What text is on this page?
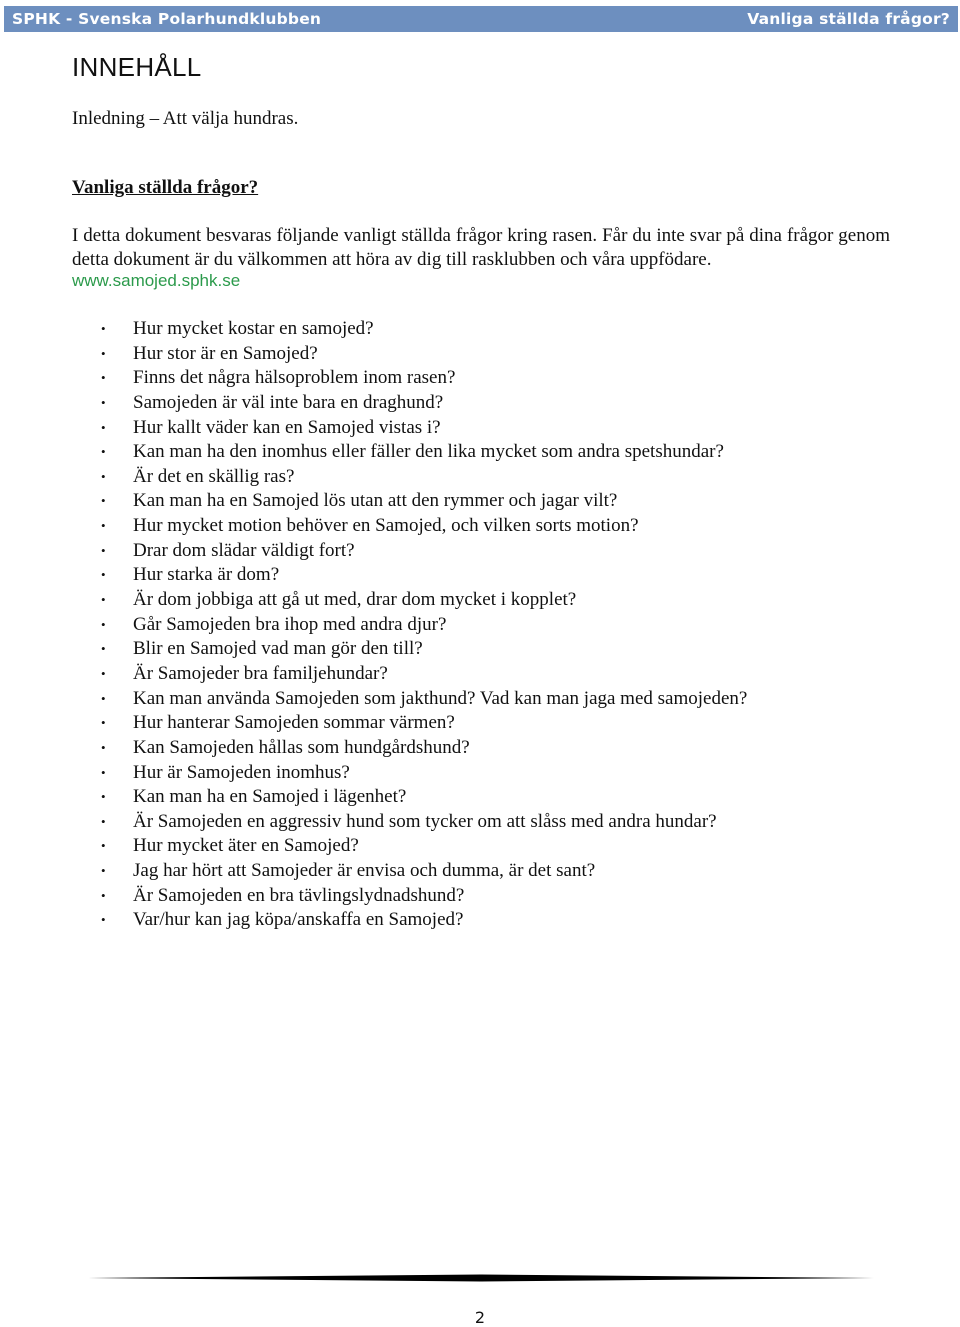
SPHK - Svenska Polarhundklubben	Vanliga ställda frågor?
INNEHÅLL
Inledning – Att välja hundras.
Vanliga ställda frågor?

I detta dokument besvaras följande vanligt ställda frågor kring rasen. Får du inte svar på dina frågor genom detta dokument är du välkommen att höra av dig till rasklubben och våra uppfödare.

www.samojed.sphk.se
• Hur mycket kostar en samojed?
• Hur stor är en Samojed?
• Finns det några hälsoproblem inom rasen?
• Samojeden är väl inte bara en draghund?
• Hur kallt väder kan en Samojed vistas i?
• Kan man ha den inomhus eller fäller den lika mycket som andra spetshundar?
• Är det en skällig ras?
• Kan man ha en Samojed lös utan att den rymmer och jagar vilt?
• Hur mycket motion behöver en Samojed, och vilken sorts motion?
• Drar dom slädar väldigt fort?
• Hur starka är dom?
• Är dom jobbiga att gå ut med, drar dom mycket i kopplet?
• Går Samojeden bra ihop med andra djur?
• Blir en Samojed vad man gör den till?
• Är Samojeder bra familjehundar?
• Kan man använda Samojeden som jakthund? Vad kan man jaga med samojeden?
• Hur hanterar Samojeden sommar värmen?
• Kan Samojeden hållas som hundgårdshund?
• Hur är Samojeden inomhus?
• Kan man ha en Samojed i lägenhet?
• Är Samojeden en aggressiv hund som tycker om att slåss med andra hundar?
• Hur mycket äter en Samojed?
• Jag har hört att Samojeder är envisa och dumma, är det sant?
• Är Samojeden en bra tävlingslydnadshund?
• Var/hur kan jag köpa/anskaffa en Samojed?
2
